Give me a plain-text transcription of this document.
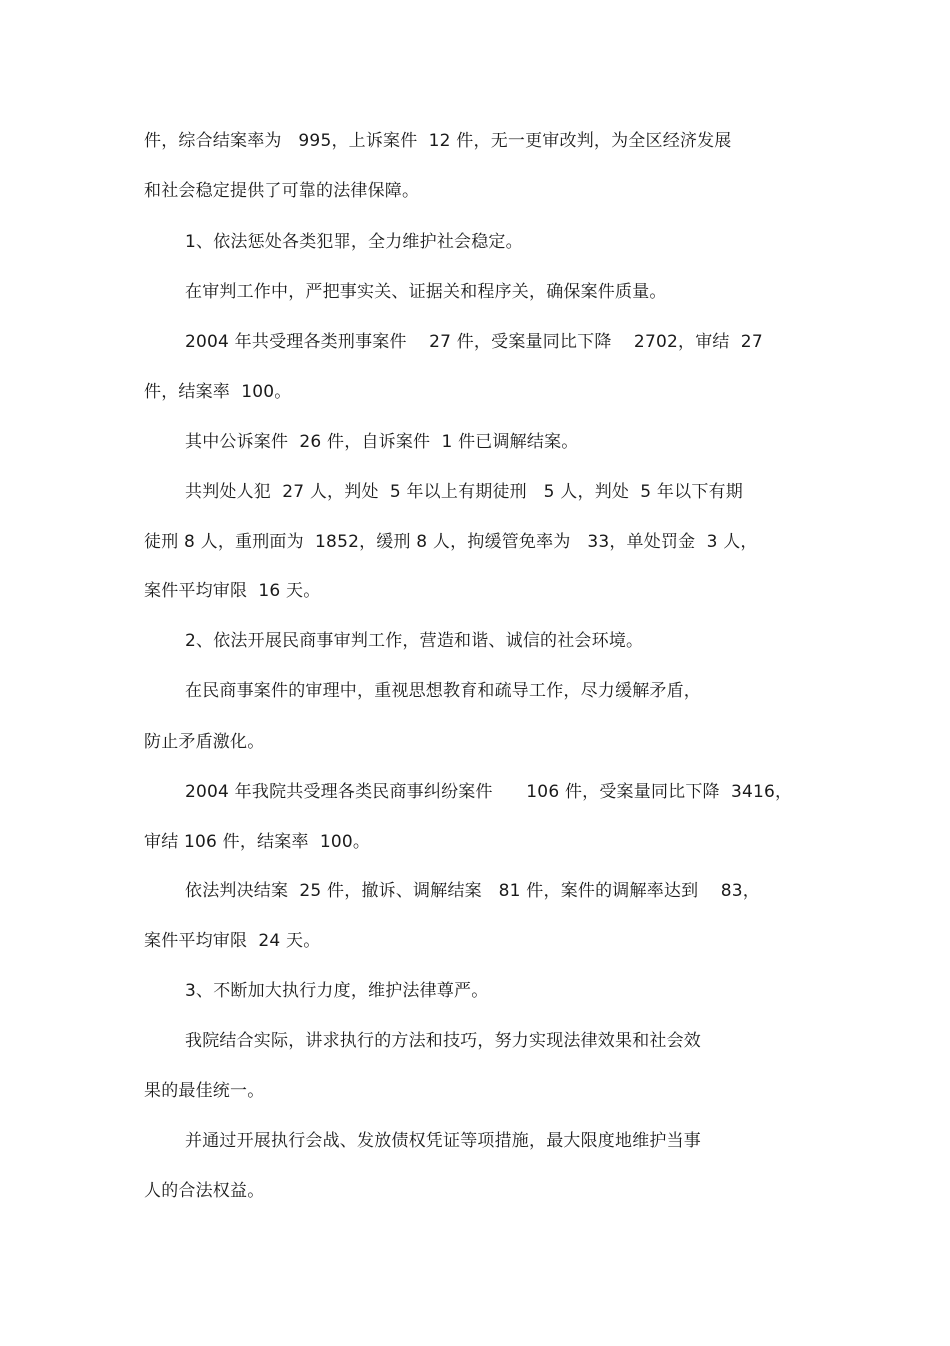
件，综合结案率为   995，上诉案件  12 件，无一更审改判，为全区经济发展
和社会稳定提供了可靠的法律保障。
1、依法惩处各类犯罪，全力维护社会稳定。
在审判工作中，严把事实关、证据关和程序关，确保案件质量。
2004 年共受理各类刑事案件    27 件，受案量同比下降    2702，审结  27
件，结案率  100。
其中公诉案件  26 件，自诉案件  1 件已调解结案。
共判处人犯  27 人，判处  5 年以上有期徒刑   5 人，判处  5 年以下有期
徒刑 8 人，重刑面为  1852，缓刑 8 人，拘缓管免率为   33，单处罚金  3 人，
案件平均审限  16 天。
2、依法开展民商事审判工作，营造和谐、诚信的社会环境。
在民商事案件的审理中，重视思想教育和疏导工作，尽力缓解矛盾，
防止矛盾激化。
2004 年我院共受理各类民商事纠纷案件      106 件，受案量同比下降  3416，
审结 106 件，结案率  100。
依法判决结案  25 件，撤诉、调解结案   81 件，案件的调解率达到    83，
案件平均审限  24 天。
3、不断加大执行力度，维护法律尊严。
我院结合实际，讲求执行的方法和技巧，努力实现法律效果和社会效
果的最佳统一。
并通过开展执行会战、发放债权凭证等项措施，最大限度地维护当事
人的合法权益。
